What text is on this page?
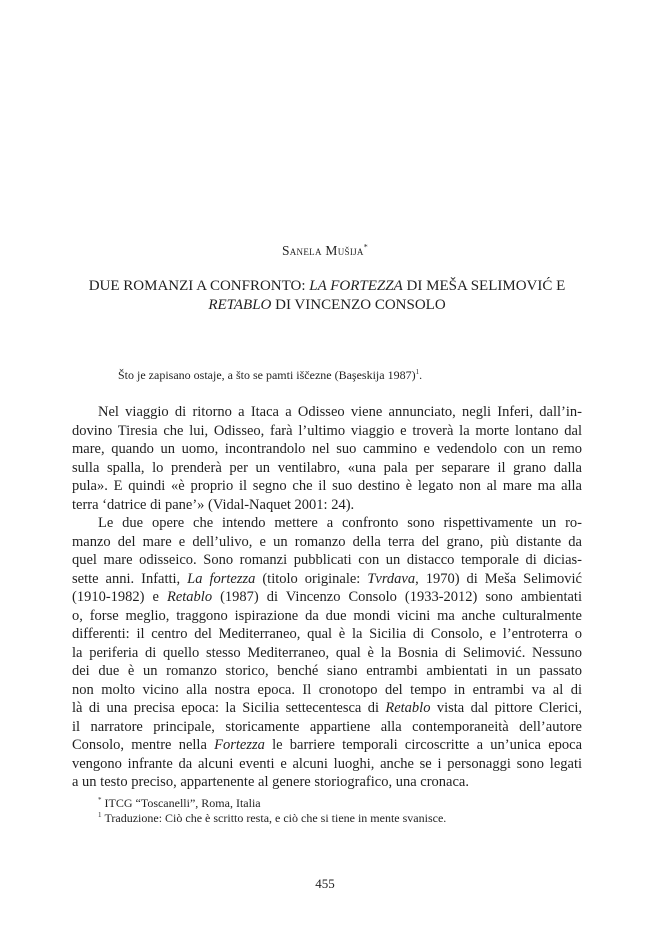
Sanela Mušija*
DUE ROMANZI A CONFRONTO: LA FORTEZZA DI MEŠA SELIMOVIĆ E
RETABLO DI VINCENZO CONSOLO
Što je zapisano ostaje, a što se pamti iščezne (Başeskija 1987)$^1$.
Nel viaggio di ritorno a Itaca a Odisseo viene annunciato, negli Inferi, dall’in-
dovino Tiresia che lui, Odisseo, farà l’ultimo viaggio e troverà la morte lontano dal
mare, quando un uomo, incontrandolo nel suo cammino e vedendolo con un remo
sulla spalla, lo prenderà per un ventilabro, «una pala per separare il grano dalla
pula». E quindi «è proprio il segno che il suo destino è legato non al mare ma alla
terra ‘datrice di pane’» (Vidal-Naquet 2001: 24).
Le due opere che intendo mettere a confronto sono rispettivamente un ro-
manzo del mare e dell’ulivo, e un romanzo della terra del grano, più distante da
quel mare odisseico. Sono romanzi pubblicati con un distacco temporale di dicias-
sette anni. Infatti, La fortezza (titolo originale: Tvrdava, 1970) di Meša Selimović
(1910-1982) e Retablo (1987) di Vincenzo Consolo (1933-2012) sono ambientati
o, forse meglio, traggono ispirazione da due mondi vicini ma anche culturalmente
differenti: il centro del Mediterraneo, qual è la Sicilia di Consolo, e l’entroterra o
la periferia di quello stesso Mediterraneo, qual è la Bosnia di Selimović. Nessuno
dei due è un romanzo storico, benché siano entrambi ambientati in un passato
non molto vicino alla nostra epoca. Il cronotopo del tempo in entrambi va al di
là di una precisa epoca: la Sicilia settecentesca di Retablo vista dal pittore Clerici,
il narratore principale, storicamente appartiene alla contemporaneità dell’autore
Consolo, mentre nella Fortezza le barriere temporali circoscritte a un’unica epoca
vengono infrante da alcuni eventi e alcuni luoghi, anche se i personaggi sono legati
a un testo preciso, appartenente al genere storiografico, una cronaca.
* ITCG “Toscanelli”, Roma, Italia
$^1$ Traduzione: Ciò che è scritto resta, e ciò che si tiene in mente svanisce.
455
